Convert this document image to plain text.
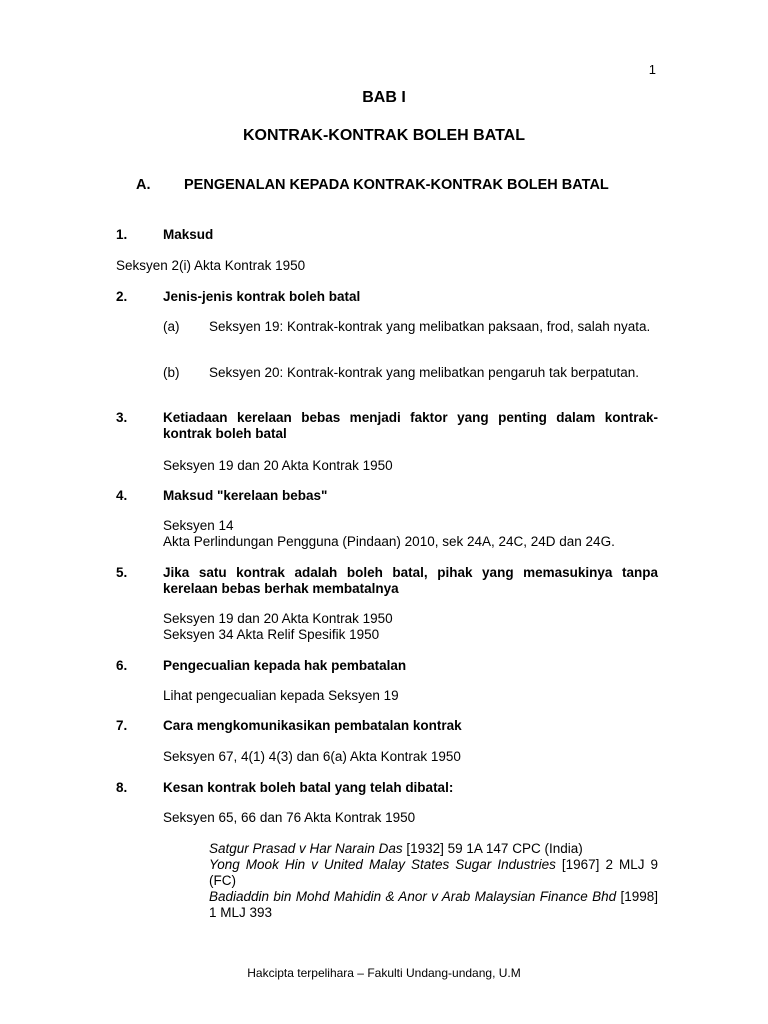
1
BAB I
KONTRAK-KONTRAK BOLEH BATAL
A. PENGENALAN KEPADA KONTRAK-KONTRAK BOLEH BATAL
1.	Maksud
Seksyen 2(i) Akta Kontrak 1950
2.	Jenis-jenis kontrak boleh batal
(a) Seksyen 19: Kontrak-kontrak yang melibatkan paksaan, frod, salah nyata.
(b) Seksyen 20: Kontrak-kontrak yang melibatkan pengaruh tak berpatutan.
3.	Ketiadaan kerelaan bebas menjadi faktor yang penting dalam kontrak-kontrak boleh batal
Seksyen 19 dan 20 Akta Kontrak 1950
4.	Maksud "kerelaan bebas"
Seksyen 14
Akta Perlindungan Pengguna (Pindaan) 2010, sek 24A, 24C, 24D dan 24G.
5.	Jika satu kontrak adalah boleh batal, pihak yang memasukinya tanpa kerelaan bebas berhak membatalnya
Seksyen 19 dan 20 Akta Kontrak 1950
Seksyen 34 Akta Relif Spesifik 1950
6.	Pengecualian kepada hak pembatalan
Lihat pengecualian kepada Seksyen 19
7.	Cara mengkomunikasikan pembatalan kontrak
Seksyen 67, 4(1) 4(3) dan 6(a) Akta Kontrak 1950
8.	Kesan kontrak boleh batal yang telah dibatal:
Seksyen 65, 66 dan 76 Akta Kontrak 1950
Satgur Prasad v Har Narain Das [1932] 59 1A 147 CPC (India)
Yong Mook Hin v United Malay States Sugar Industries [1967] 2 MLJ 9 (FC)
Badiaddin bin Mohd Mahidin & Anor v Arab Malaysian Finance Bhd [1998] 1 MLJ 393
Hakcipta terpelihara – Fakulti Undang-undang, U.M
